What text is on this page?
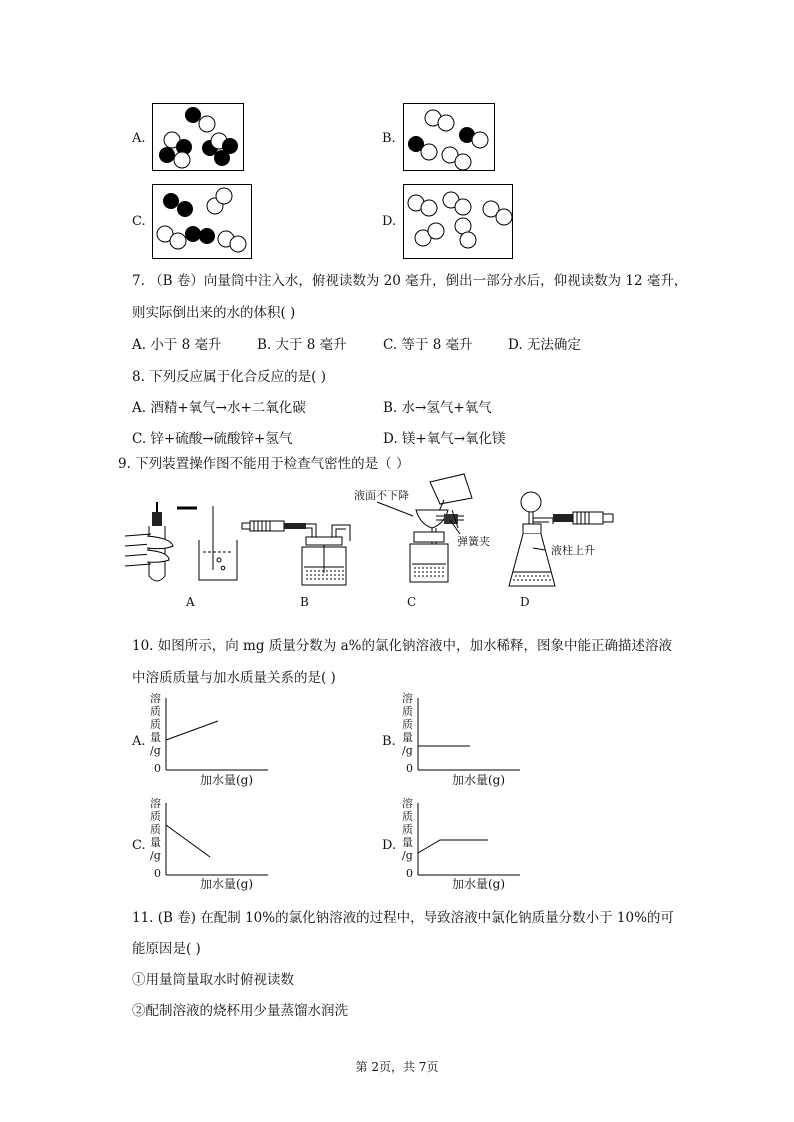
A.	B.
C.	D.
7. （B 卷）向量筒中注入水，俯视读数为 20 毫升，倒出一部分水后，仰视读数为 12 毫升，
则实际倒出来的水的体积( )
A. 小于 8 毫升	B. 大于 8 毫升	C. 等于 8 毫升	D. 无法确定
8. 下列反应属于化合反应的是( )
A. 酒精+氧气→水+二氧化碳	B. 水→氢气+氧气
C. 锌+硫酸→硫酸锌+氢气	D. 镁+氧气→氧化镁
9. 下列装置操作图不能用于检查气密性的是（ ）
A	B
液面不下降
弹簧夹
C
液柱上升
D
10. 如图所示，向 mg 质量分数为 a%的氯化钠溶液中，加水稀释，图象中能正确描述溶液
中溶质质量与加水质量关系的是( )
A.
溶
质
质
量
/g
0
加水量(g)
B.
溶
质
质
量
/g
0
加水量(g)
C.
溶
质
质
量
/g
0
加水量(g)
D.
溶
质
质
量
/g
0
加水量(g)
11. (B 卷) 在配制 10%的氯化钠溶液的过程中，导致溶液中氯化钠质量分数小于 10%的可
能原因是( )
①用量筒量取水时俯视读数
②配制溶液的烧杯用少量蒸馏水润洗
第 2页，共 7页
